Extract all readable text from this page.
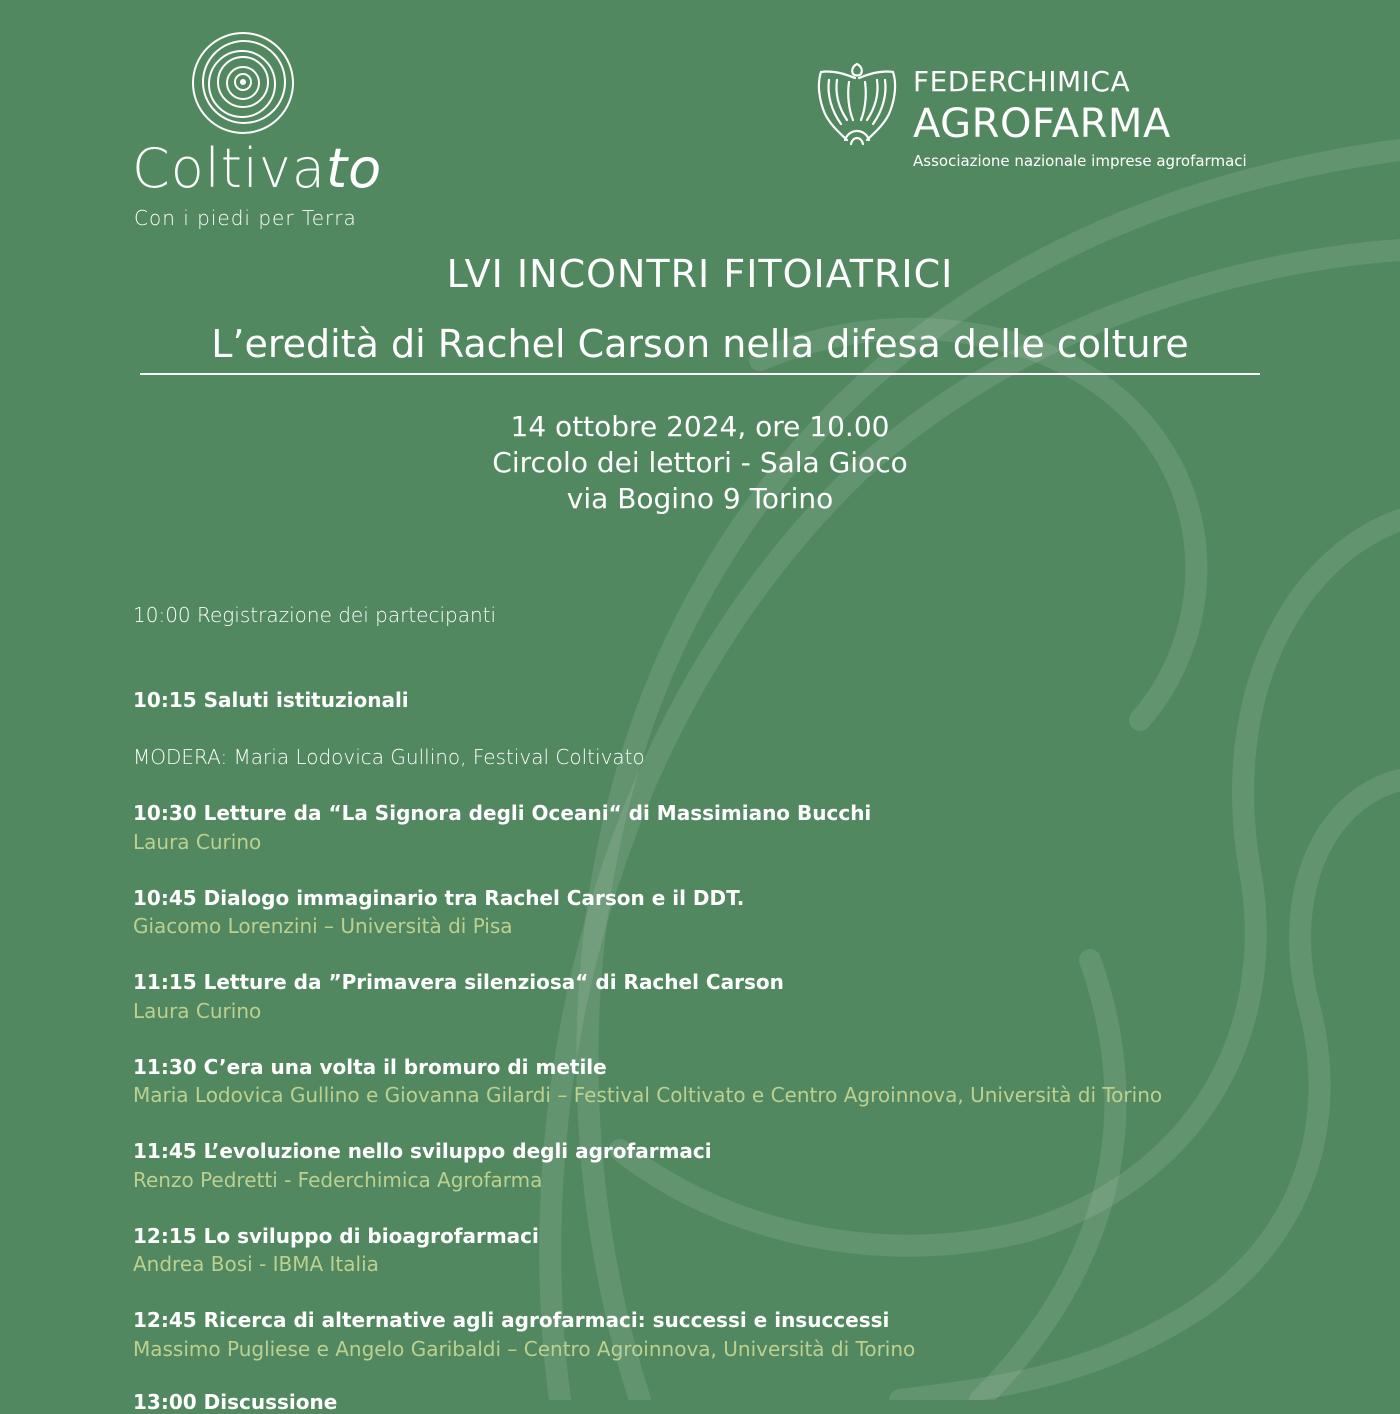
Coltivato
Con i piedi per Terra
FEDERCHIMICA
AGROFARMA
Associazione nazionale imprese agrofarmaci
LVI INCONTRI FITOIATRICI
L’eredità di Rachel Carson nella difesa delle colture
14 ottobre 2024, ore 10.00
Circolo dei lettori - Sala Gioco
via Bogino 9 Torino
10:00 Registrazione dei partecipanti
10:15 Saluti istituzionali
MODERA: Maria Lodovica Gullino, Festival Coltivato
10:30 Letture da “La Signora degli Oceani“ di Massimiano Bucchi
Laura Curino
10:45 Dialogo immaginario tra Rachel Carson e il DDT.
Giacomo Lorenzini – Università di Pisa
11:15 Letture da ”Primavera silenziosa“ di Rachel Carson
Laura Curino
11:30 C’era una volta il bromuro di metile
Maria Lodovica Gullino e Giovanna Gilardi – Festival Coltivato e Centro Agroinnova, Università di Torino
11:45 L’evoluzione nello sviluppo degli agrofarmaci
Renzo Pedretti - Federchimica Agrofarma
12:15 Lo sviluppo di bioagrofarmaci
Andrea Bosi - IBMA Italia
12:45 Ricerca di alternative agli agrofarmaci: successi e insuccessi
Massimo Pugliese e Angelo Garibaldi – Centro Agroinnova, Università di Torino
13:00 Discussione
